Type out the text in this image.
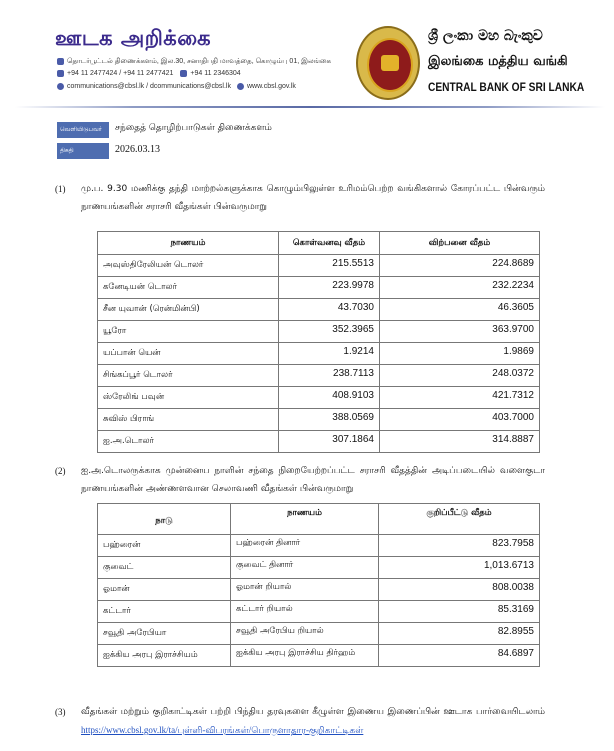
ஊடக அறிக்கை
தொடர்பூட்டல் திணைக்களம், இல.30, சனாதிபதி மாவத்தை, கொழும்பு 01, இலங்கை
+94 11 2477424 / +94 11 2477421 +94 11 2346304
communications@cbsl.lk / dcommunications@cbsl.lk www.cbsl.gov.lk
ශ්‍රී ලංකා මහ බැංකුව
இலங்கை மத்திய வங்கி
CENTRAL BANK OF SRI LANKA
வெளியிடுபவர்	சந்தைத் தொழிற்பாடுகள் திணைக்களம்
திகதி	2026.03.13
(1) மு.ப. 9.30 மணிக்கு தந்தி மாற்றல்களுக்காக கொழும்பிலுள்ள உரிமம்பெற்ற வங்கிகளால் கோரப்பட்ட பின்வரும் நாணயங்களின் சராசரி வீதங்கள் பின்வருமாறு
நாணயம்	கொள்வனவு வீதம்	விற்பனை வீதம்
அவுஸ்திரேலியன் டொலர்	215.5513	224.8689
கனேடியன் டொலர்	223.9978	232.2234
சீன யுவான் (ரென்மின்பி)	43.7030	46.3605
யூரோ	352.3965	363.9700
யப்பான் யென்	1.9214	1.9869
சிங்கப்பூர் டொலர்	238.7113	248.0372
ஸ்ரேலிங் பவுன்	408.9103	421.7312
சுவிஸ் பிராங்	388.0569	403.7000
ஐ.அ.டொலர்	307.1864	314.8887
(2) ஐ.அ.டொலருக்காக முன்னைய நாளின் சந்தை நிறையேற்றப்பட்ட சராசரி வீதத்தின் அடிப்படையில் வளைகுடா நாணயங்களின் அண்ணளவான செலாவணி வீதங்கள் பின்வருமாறு
நாடு	நாணயம்	குறிப்பீட்டு வீதம்
பஹ்ரைன்	பஹ்ரைன் தினார்	823.7958
குவைட்	குவைட் தினார்	1,013.6713
ஓமான்	ஓமான் றியால்	808.0038
கட்டார்	கட்டார் றியால்	85.3169
சவூதி அரேபியா	சவூதி அரேபிய றியால்	82.8955
ஐக்கிய அரபு இராச்சியம்	ஐக்கிய அரபு இராச்சிய திர்ஹம்	84.6897
(3) வீதங்கள் மற்றும் குறிகாட்டிகள் பற்றி பிந்திய தரவுகளை கீழுள்ள இணைய இணைப்பின் ஊடாக பார்வையிடலாம் https://www.cbsl.gov.lk/ta/புள்ளி-விபரங்கள்/பொருளாதார-குறிகாட்டிகள்
